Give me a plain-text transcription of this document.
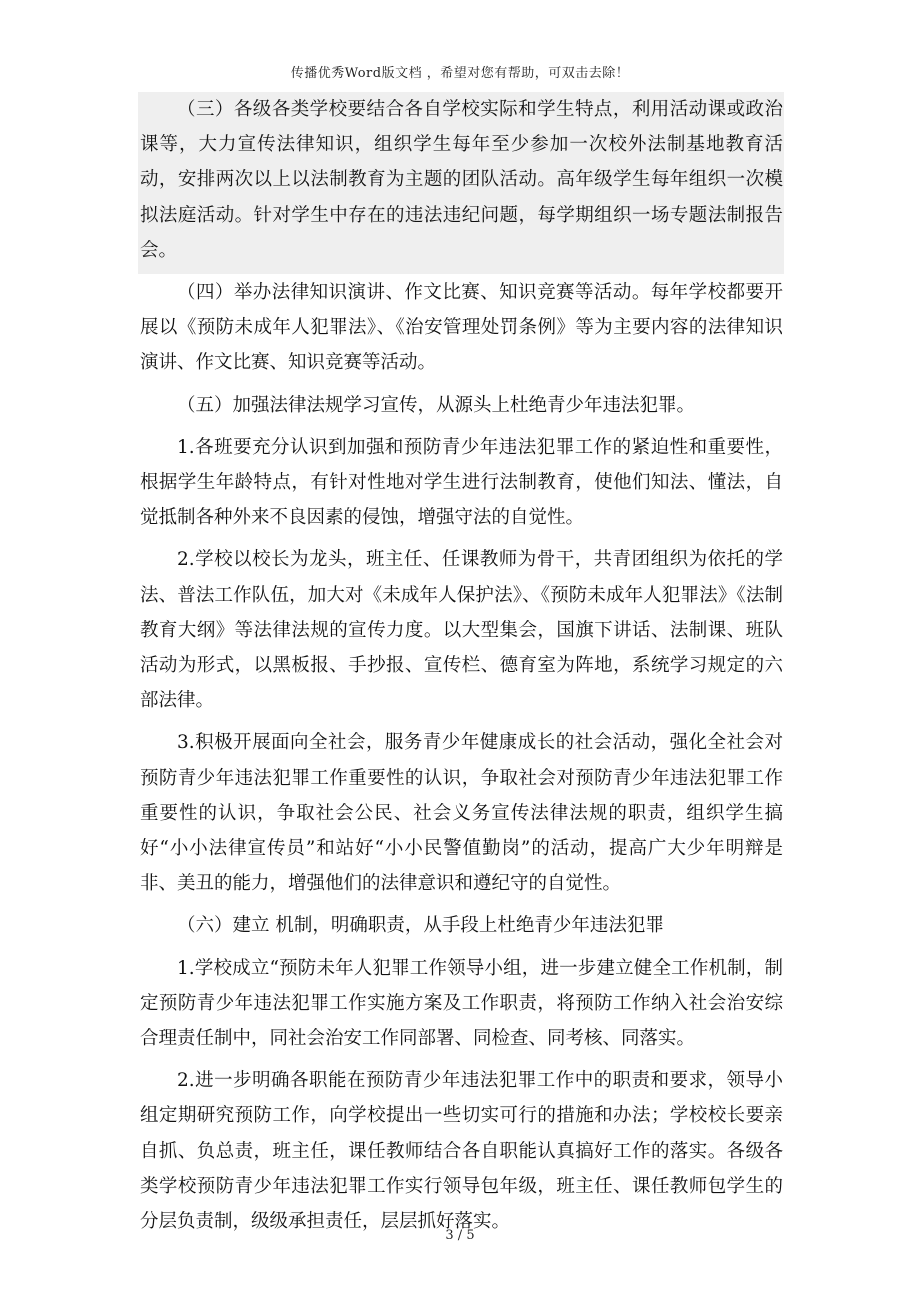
传播优秀Word版文档 ，希望对您有帮助，可双击去除！

（三）各级各类学校要结合各自学校实际和学生特点，利用活动课或政治课等，大力宣传法律知识，组织学生每年至少参加一次校外法制基地教育活动，安排两次以上以法制教育为主题的团队活动。高年级学生每年组织一次模拟法庭活动。针对学生中存在的违法违纪问题，每学期组织一场专题法制报告会。

（四）举办法律知识演讲、作文比赛、知识竞赛等活动。每年学校都要开展以《预防未成年人犯罪法》、《治安管理处罚条例》等为主要内容的法律知识演讲、作文比赛、知识竞赛等活动。

（五）加强法律法规学习宣传，从源头上杜绝青少年违法犯罪。

1.各班要充分认识到加强和预防青少年违法犯罪工作的紧迫性和重要性，根据学生年龄特点，有针对性地对学生进行法制教育，使他们知法、懂法，自觉抵制各种外来不良因素的侵蚀，增强守法的自觉性。

2.学校以校长为龙头，班主任、任课教师为骨干，共青团组织为依托的学法、普法工作队伍，加大对《未成年人保护法》、《预防未成年人犯罪法》《法制教育大纲》等法律法规的宣传力度。以大型集会，国旗下讲话、法制课、班队活动为形式，以黑板报、手抄报、宣传栏、德育室为阵地，系统学习规定的六部法律。

3.积极开展面向全社会，服务青少年健康成长的社会活动，强化全社会对预防青少年违法犯罪工作重要性的认识，争取社会对预防青少年违法犯罪工作重要性的认识，争取社会公民、社会义务宣传法律法规的职责，组织学生搞好“小小法律宣传员”和站好“小小民警值勤岗”的活动，提高广大少年明辩是非、美丑的能力，增强他们的法律意识和遵纪守的自觉性。

（六）建立 机制，明确职责，从手段上杜绝青少年违法犯罪

1.学校成立“预防未年人犯罪工作领导小组，进一步建立健全工作机制，制定预防青少年违法犯罪工作实施方案及工作职责，将预防工作纳入社会治安综合理责任制中，同社会治安工作同部署、同检查、同考核、同落实。

2.进一步明确各职能在预防青少年违法犯罪工作中的职责和要求，领导小组定期研究预防工作，向学校提出一些切实可行的措施和办法；学校校长要亲自抓、负总责，班主任，课任教师结合各自职能认真搞好工作的落实。各级各类学校预防青少年违法犯罪工作实行领导包年级，班主任、课任教师包学生的分层负责制，级级承担责任，层层抓好落实。

3 / 5
